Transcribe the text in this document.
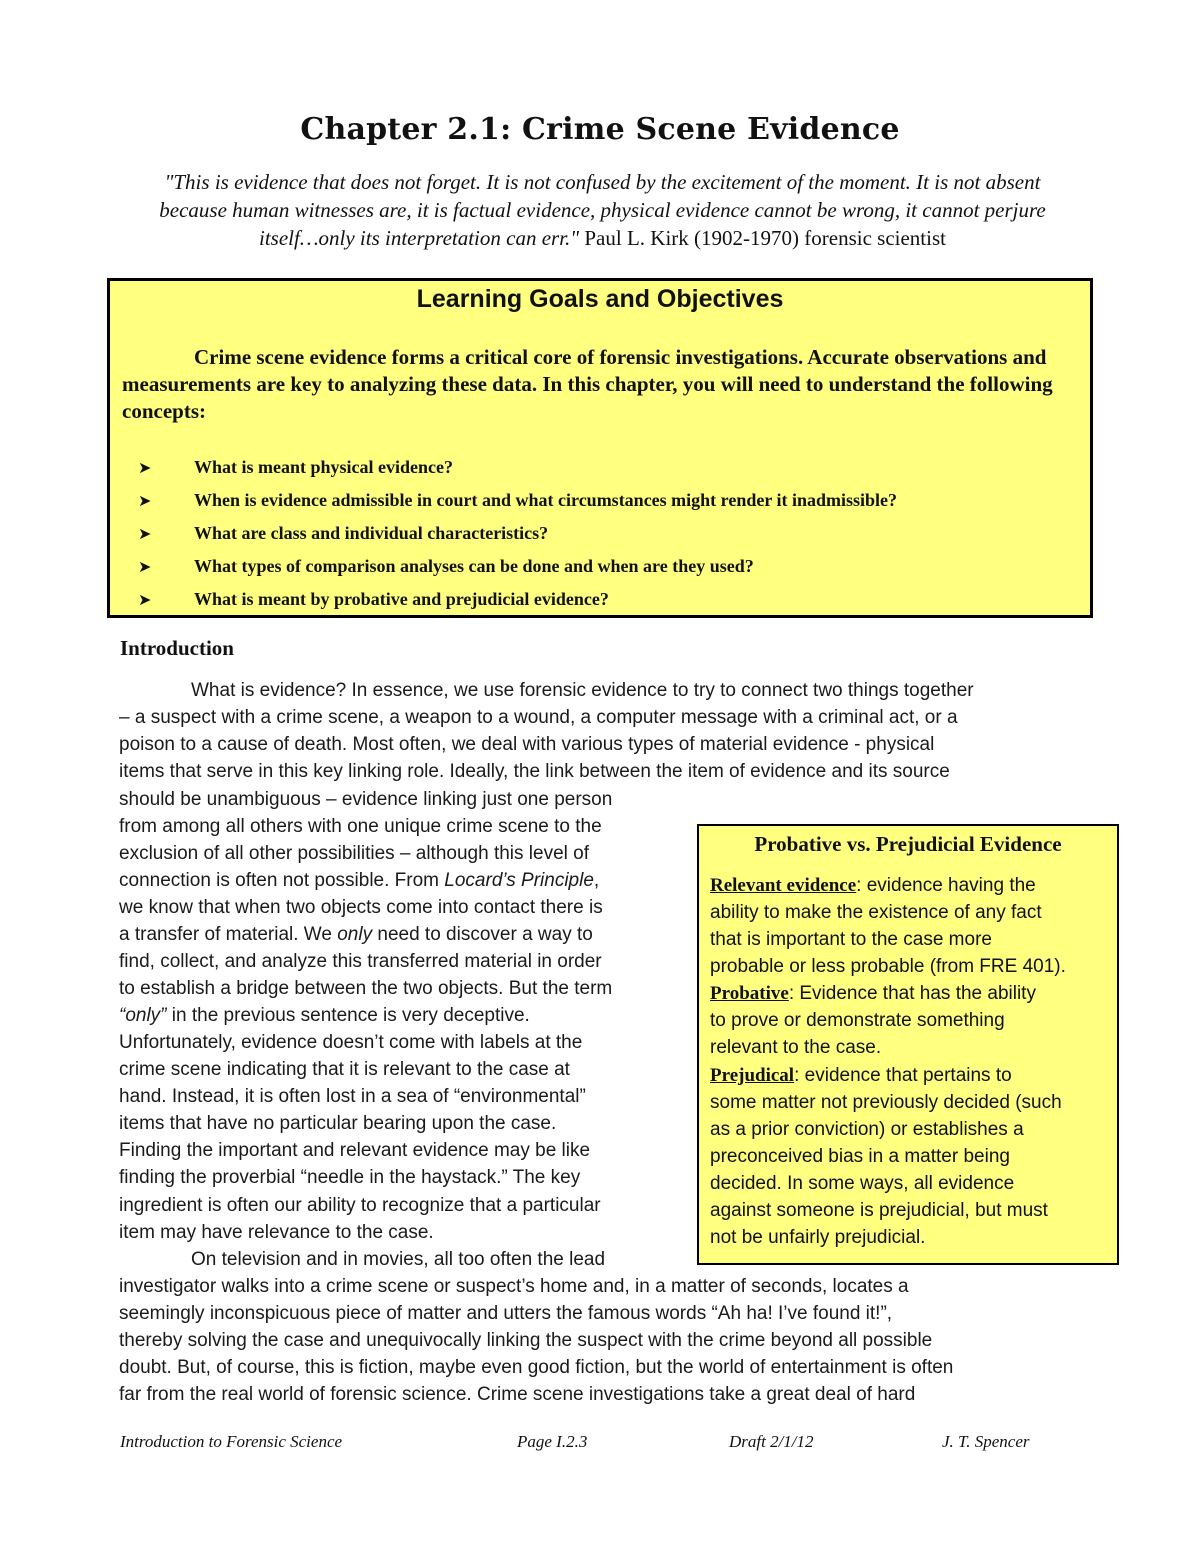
Chapter 2.1: Crime Scene Evidence
"This is evidence that does not forget. It is not confused by the excitement of the moment. It is not absent because human witnesses are, it is factual evidence, physical evidence cannot be wrong, it cannot perjure itself…only its interpretation can err." Paul L. Kirk (1902-1970) forensic scientist
Learning Goals and Objectives
Crime scene evidence forms a critical core of forensic investigations. Accurate observations and measurements are key to analyzing these data. In this chapter, you will need to understand the following concepts:
➤ What is meant physical evidence?
➤ When is evidence admissible in court and what circumstances might render it inadmissible?
➤ What are class and individual characteristics?
➤ What types of comparison analyses can be done and when are they used?
➤ What is meant by probative and prejudicial evidence?
Introduction
What is evidence? In essence, we use forensic evidence to try to connect two things together
– a suspect with a crime scene, a weapon to a wound, a computer message with a criminal act, or a
poison to a cause of death. Most often, we deal with various types of material evidence - physical
items that serve in this key linking role. Ideally, the link between the item of evidence and its source
should be unambiguous – evidence linking just one person
from among all others with one unique crime scene to the
exclusion of all other possibilities – although this level of
connection is often not possible. From Locard’s Principle,
we know that when two objects come into contact there is
a transfer of material. We only need to discover a way to
find, collect, and analyze this transferred material in order
to establish a bridge between the two objects. But the term
“only” in the previous sentence is very deceptive.
Unfortunately, evidence doesn’t come with labels at the
crime scene indicating that it is relevant to the case at
hand. Instead, it is often lost in a sea of “environmental”
items that have no particular bearing upon the case.
Finding the important and relevant evidence may be like
finding the proverbial “needle in the haystack.” The key
ingredient is often our ability to recognize that a particular
item may have relevance to the case.
On television and in movies, all too often the lead
investigator walks into a crime scene or suspect’s home and, in a matter of seconds, locates a
seemingly inconspicuous piece of matter and utters the famous words “Ah ha! I’ve found it!”,
thereby solving the case and unequivocally linking the suspect with the crime beyond all possible
doubt. But, of course, this is fiction, maybe even good fiction, but the world of entertainment is often
far from the real world of forensic science. Crime scene investigations take a great deal of hard
Probative vs. Prejudicial Evidence
Relevant evidence: evidence having the
ability to make the existence of any fact
that is important to the case more
probable or less probable (from FRE 401).
Probative: Evidence that has the ability
to prove or demonstrate something
relevant to the case.
Prejudical: evidence that pertains to
some matter not previously decided (such
as a prior conviction) or establishes a
preconceived bias in a matter being
decided. In some ways, all evidence
against someone is prejudicial, but must
not be unfairly prejudicial.
Introduction to Forensic Science	Page I.2.3	Draft 2/1/12	J. T. Spencer
